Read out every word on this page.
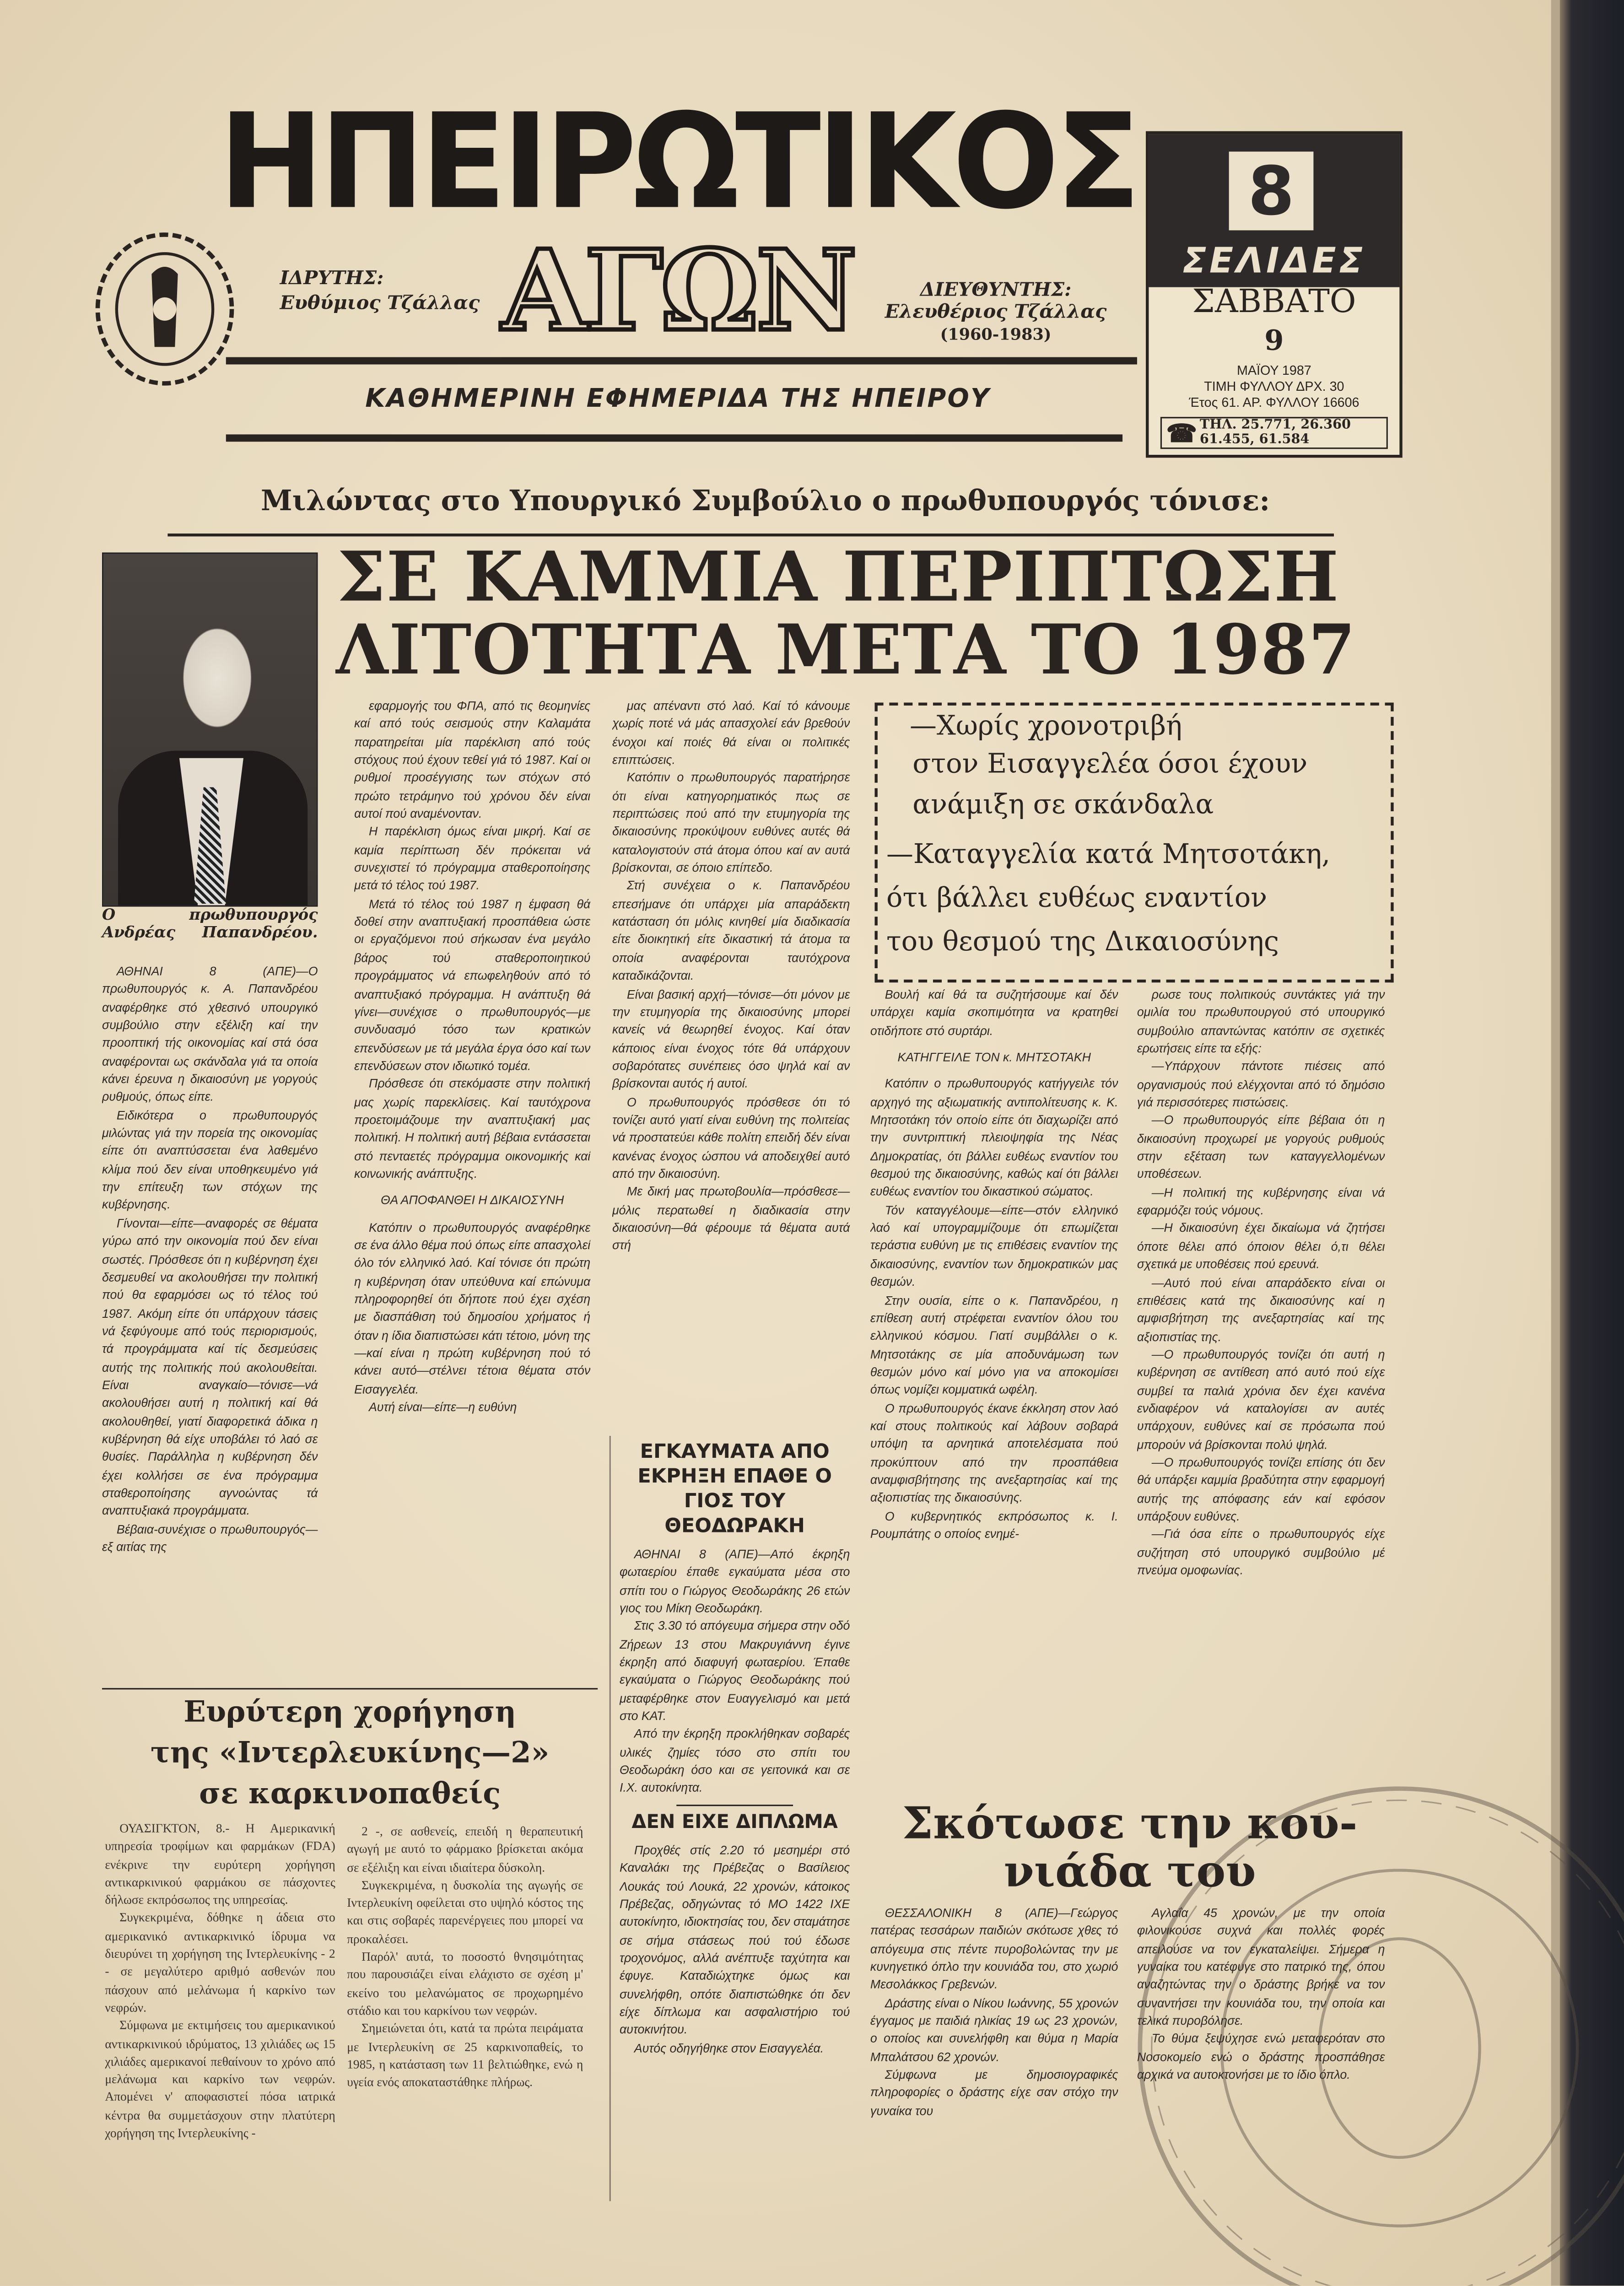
ΗΠΕΙΡΩΤΙΚΟΣ
ΑΓΩΝ
ΙΔΡΥΤΗΣ:
Ευθύμιος Τζάλλας
ΔΙΕΥΘΥΝΤΗΣ:
Ελευθέριος Τζάλλας
(1960-1983)
ΚΑΘΗΜΕΡΙΝΗ ΕΦΗΜΕΡΙΔΑ ΤΗΣ ΗΠΕΙΡΟΥ
8
ΣΕΛΙΔΕΣ
ΣΑΒΒΑΤΟ
9
ΜΑΪΟΥ 1987
ΤΙΜΗ ΦΥΛΛΟΥ ΔΡΧ. 30
Έτος 61. ΑΡ. ΦΥΛΛΟΥ 16606
☎ ΤΗΛ. 25.771, 26.360
61.455, 61.584
Μιλώντας στο Υπουργικό Συμβούλιο ο πρωθυπουργός τόνισε:
ΣΕ ΚΑΜΜΙΑ ΠΕΡΙΠΤΩΣΗ
ΛΙΤΟΤΗΤΑ ΜΕΤΑ ΤΟ 1987
Ο πρωθυπουργός Ανδρέας Παπανδρέου.

ΑΘΗΝΑΙ 8 (ΑΠΕ)—Ο πρωθυπουργός κ. Α. Παπανδρέου αναφέρθηκε στό χθεσινό υπουργικό συμβούλιο στην εξέλιξη καί την προοπτική τής οικονομίας καί στά όσα αναφέρονται ως σκάνδαλα γιά τα οποία κάνει έρευνα η δικαιοσύνη με γοργούς ρυθμούς, όπως είπε.

Ειδικότερα ο πρωθυπουργός μιλώντας γιά την πορεία της οικονομίας είπε ότι αναπτύσσεται ένα λαθεμένο κλίμα πού δεν είναι υποθηκευμένο γιά την επίτευξη των στόχων της κυβέρνησης.

Γίνονται—είπε—αναφορές σε θέματα γύρω από την οικονομία πού δεν είναι σωστές. Πρόσθεσε ότι η κυβέρνηση έχει δεσμευθεί να ακολουθήσει την πολιτική πού θα εφαρμόσει ως τό τέλος τού 1987. Ακόμη είπε ότι υπάρχουν τάσεις νά ξεφύγουμε από τούς περιορισμούς, τά προγράμματα καί τίς δεσμεύσεις αυτής της πολιτικής πού ακολουθείται. Είναι αναγκαίο—τόνισε—νά ακολουθήσει αυτή η πολιτική καί θά ακολουθηθεί, γιατί διαφορετικά άδικα η κυβέρνηση θά είχε υποβάλει τό λαό σε θυσίες. Παράλληλα η κυβέρνηση δέν έχει κολλήσει σε ένα πρόγραμμα σταθεροποίησης αγνοώντας τά αναπτυξιακά προγράμματα.

Βέβαια-συνέχισε ο πρωθυπουργός—εξ αιτίας της

εφαρμογής του ΦΠΑ, από τις θεομηνίες καί από τούς σεισμούς στην Καλαμάτα παρατηρείται μία παρέκλιση από τούς στόχους πού έχουν τεθεί γιά τό 1987. Καί οι ρυθμοί προσέγγισης των στόχων στό πρώτο τετράμηνο τού χρόνου δέν είναι αυτοί πού αναμένονταν.

Η παρέκλιση όμως είναι μικρή. Καί σε καμία περίπτωση δέν πρόκειται νά συνεχιστεί τό πρόγραμμα σταθεροποίησης μετά τό τέλος τού 1987.

Μετά τό τέλος τού 1987 η έμφαση θά δοθεί στην αναπτυξιακή προσπάθεια ώστε οι εργαζόμενοι πού σήκωσαν ένα μεγάλο βάρος τού σταθεροποιητικού προγράμματος νά επωφεληθούν από τό αναπτυξιακό πρόγραμμα. Η ανάπτυξη θά γίνει—συνέχισε ο πρωθυπουργός—με συνδυασμό τόσο των κρατικών επενδύσεων με τά μεγάλα έργα όσο καί των επενδύσεων στον ιδιωτικό τομέα.

Πρόσθεσε ότι στεκόμαστε στην πολιτική μας χωρίς παρεκλίσεις. Καί ταυτόχρονα προετοιμάζουμε την αναπτυξιακή μας πολιτική. Η πολιτική αυτή βέβαια εντάσσεται στό πενταετές πρόγραμμα οικονομικής καί κοινωνικής ανάπτυξης.

ΘΑ ΑΠΟΦΑΝΘΕΙ Η ΔΙΚΑΙΟΣΥΝΗ

Κατόπιν ο πρωθυπουργός αναφέρθηκε σε ένα άλλο θέμα πού όπως είπε απασχολεί όλο τόν ελληνικό λαό. Καί τόνισε ότι πρώτη η κυβέρνηση όταν υπεύθυνα καί επώνυμα πληροφορηθεί ότι δήποτε πού έχει σχέση με διασπάθιση τού δημοσίου χρήματος ή όταν η ίδια διαπιστώσει κάτι τέτοιο, μόνη της—καί είναι η πρώτη κυβέρνηση πού τό κάνει αυτό—στέλνει τέτοια θέματα στόν Εισαγγελέα.

Αυτή είναι—είπε—η ευθύνη

μας απέναντι στό λαό. Καί τό κάνουμε χωρίς ποτέ νά μάς απασχολεί εάν βρεθούν ένοχοι καί ποιές θά είναι οι πολιτικές επιπτώσεις.

Κατόπιν ο πρωθυπουργός παρατήρησε ότι είναι κατηγορηματικός πως σε περιπτώσεις πού από την ετυμηγορία της δικαιοσύνης προκύψουν ευθύνες αυτές θά καταλογιστούν στά άτομα όπου καί αν αυτά βρίσκονται, σε όποιο επίπεδο.

Στή συνέχεια ο κ. Παπανδρέου επεσήμανε ότι υπάρχει μία απαράδεκτη κατάσταση ότι μόλις κινηθεί μία διαδικασία είτε διοικητική είτε δικαστική τά άτομα τα οποία αναφέρονται ταυτόχρονα καταδικάζονται.

Είναι βασική αρχή—τόνισε—ότι μόνον με την ετυμηγορία της δικαιοσύνης μπορεί κανείς νά θεωρηθεί ένοχος. Καί όταν κάποιος είναι ένοχος τότε θά υπάρχουν σοβαρότατες συνέπειες όσο ψηλά καί αν βρίσκονται αυτός ή αυτοί.

Ο πρωθυπουργός πρόσθεσε ότι τό τονίζει αυτό γιατί είναι ευθύνη της πολιτείας νά προστατεύει κάθε πολίτη επειδή δέν είναι κανένας ένοχος ώσπου νά αποδειχθεί αυτό από την δικαιοσύνη.

Με δική μας πρωτοβουλία—πρόσθεσε—μόλις περατωθεί η διαδικασία στην δικαιοσύνη—θά φέρουμε τά θέματα αυτά στή

—Χωρίς χρονοτριβή
στον Εισαγγελέα όσοι έχουν
ανάμιξη σε σκάνδαλα
—Καταγγελία κατά Μητσοτάκη,
ότι βάλλει ευθέως εναντίον
του θεσμού της Δικαιοσύνης

Βουλή καί θά τα συζητήσουμε καί δέν υπάρχει καμία σκοπιμότητα να κρατηθεί οτιδήποτε στό συρτάρι.

ΚΑΤΗΓΓΕΙΛΕ ΤΟΝ κ. ΜΗΤΣΟΤΑΚΗ

Κατόπιν ο πρωθυπουργός κατήγγειλε τόν αρχηγό της αξιωματικής αντιπολίτευσης κ. Κ. Μητσοτάκη τόν οποίο είπε ότι διαχωρίζει από την συντριπτική πλειοψηφία της Νέας Δημοκρατίας, ότι βάλλει ευθέως εναντίον του θεσμού της δικαιοσύνης, καθώς καί ότι βάλλει ευθέως εναντίον του δικαστικού σώματος.

Τόν καταγγέλουμε—είπε—στόν ελληνικό λαό καί υπογραμμίζουμε ότι επωμίζεται τεράστια ευθύνη με τις επιθέσεις εναντίον της δικαιοσύνης, εναντίον των δημοκρατικών μας θεσμών.

Στην ουσία, είπε ο κ. Παπανδρέου, η επίθεση αυτή στρέφεται εναντίον όλου του ελληνικού κόσμου. Γιατί συμβάλλει ο κ. Μητσοτάκης σε μία αποδυνάμωση των θεσμών μόνο καί μόνο για να αποκομίσει όπως νομίζει κομματικά ωφέλη.

Ο πρωθυπουργός έκανε έκκληση στον λαό καί στους πολιτικούς καί λάβουν σοβαρά υπόψη τα αρνητικά αποτελέσματα πού προκύπτουν από την προσπάθεια αναμφισβήτησης της ανεξαρτησίας καί της αξιοπιστίας της δικαιοσύνης.

Ο κυβερνητικός εκπρόσωπος κ. Ι. Ρουμπάτης ο οποίος ενημέ-

ρωσε τους πολιτικούς συντάκτες γιά την ομιλία του πρωθυπουργού στό υπουργικό συμβούλιο απαντώντας κατόπιν σε σχετικές ερωτήσεις είπε τα εξής:

—Υπάρχουν πάντοτε πιέσεις από οργανισμούς πού ελέγχονται από τό δημόσιο γιά περισσότερες πιστώσεις.

—Ο πρωθυπουργός είπε βέβαια ότι η δικαιοσύνη προχωρεί με γοργούς ρυθμούς στην εξέταση των καταγγελλομένων υποθέσεων.

—Η πολιτική της κυβέρνησης είναι νά εφαρμόζει τούς νόμους.

—Η δικαιοσύνη έχει δικαίωμα νά ζητήσει όποτε θέλει από όποιον θέλει ό,τι θέλει σχετικά με υποθέσεις πού ερευνά.

—Αυτό πού είναι απαράδεκτο είναι οι επιθέσεις κατά της δικαιοσύνης καί η αμφισβήτηση της ανεξαρτησίας καί της αξιοπιστίας της.

—Ο πρωθυπουργός τονίζει ότι αυτή η κυβέρνηση σε αντίθεση από αυτό πού είχε συμβεί τα παλιά χρόνια δεν έχει κανένα ενδιαφέρον νά καταλογίσει αν αυτές υπάρχουν, ευθύνες καί σε πρόσωπα πού μπορούν νά βρίσκονται πολύ ψηλά.

—Ο πρωθυπουργός τονίζει επίσης ότι δεν θά υπάρξει καμμία βραδύτητα στην εφαρμογή αυτής της απόφασης εάν καί εφόσον υπάρξουν ευθύνες.

—Γιά όσα είπε ο πρωθυπουργός είχε συζήτηση στό υπουργικό συμβούλιο μέ πνεύμα ομοφωνίας.

ΕΓΚΑΥΜΑΤΑ ΑΠΟ ΕΚΡΗΞΗ ΕΠΑΘΕ Ο ΓΙΟΣ ΤΟΥ ΘΕΟΔΩΡΑΚΗ

ΑΘΗΝΑΙ 8 (ΑΠΕ)—Από έκρηξη φωταερίου έπαθε εγκαύματα μέσα στο σπίτι του ο Γιώργος Θεοδωράκης 26 ετών γιος του Μίκη Θεοδωράκη.

Στις 3.30 τό απόγευμα σήμερα στην οδό Ζήρεων 13 στου Μακρυγιάννη έγινε έκρηξη από διαφυγή φωταερίου. Έπαθε εγκαύματα ο Γιώργος Θεοδωράκης πού μεταφέρθηκε στον Ευαγγελισμό και μετά στο ΚΑΤ.

Από την έκρηξη προκλήθηκαν σοβαρές υλικές ζημίες τόσο στο σπίτι του Θεοδωράκη όσο και σε γειτονικά και σε Ι.Χ. αυτοκίνητα.

ΔΕΝ ΕΙΧΕ ΔΙΠΛΩΜΑ

Προχθές στίς 2.20 τό μεσημέρι στό Καναλάκι της Πρέβεζας ο Βασίλειος Λουκάς τού Λουκά, 22 χρονών, κάτοικος Πρέβεζας, οδηγώντας τό ΜΟ 1422 ΙΧΕ αυτοκίνητο, ιδιοκτησίας του, δεν σταμάτησε σε σήμα στάσεως πού τού έδωσε τροχονόμος, αλλά ανέπτυξε ταχύτητα και έφυγε. Καταδιώχτηκε όμως και συνελήφθη, οπότε διαπιστώθηκε ότι δεν είχε δίπλωμα και ασφαλιστήριο τού αυτοκινήτου.

Αυτός οδηγήθηκε στον Εισαγγελέα.

Ευρύτερη χορήγηση
της «Ιντερλευκίνης—2»
σε καρκινοπαθείς

ΟΥΑΣΙΓΚΤΟΝ, 8.- Η Αμερικανική υπηρεσία τροφίμων και φαρμάκων (FDA) ενέκρινε την ευρύτερη χορήγηση αντικαρκινικού φαρμάκου σε πάσχοντες δήλωσε εκπρόσωπος της υπηρεσίας.

Συγκεκριμένα, δόθηκε η άδεια στο αμερικανικό αντικαρκινικό ίδρυμα να διευρύνει τη χορήγηση της Ιντερλευκίνης - 2 - σε μεγαλύτερο αριθμό ασθενών που πάσχουν από μελάνωμα ή καρκίνο των νεφρών.

Σύμφωνα με εκτιμήσεις του αμερικανικού αντικαρκινικού ιδρύματος, 13 χιλιάδες ως 15 χιλιάδες αμερικανοί πεθαίνουν το χρόνο από μελάνωμα και καρκίνο των νεφρών. Απομένει ν' αποφασιστεί πόσα ιατρικά κέντρα θα συμμετάσχουν στην πλατύτερη χορήγηση της Ιντερλευκίνης -

2 -, σε ασθενείς, επειδή η θεραπευτική αγωγή με αυτό το φάρμακο βρίσκεται ακόμα σε εξέλιξη και είναι ιδιαίτερα δύσκολη.

Συγκεκριμένα, η δυσκολία της αγωγής σε Ιντερλευκίνη οφείλεται στο υψηλό κόστος της και στις σοβαρές παρενέργειες που μπορεί να προκαλέσει.

Παρόλ' αυτά, το ποσοστό θνησιμότητας που παρουσιάζει είναι ελάχιστο σε σχέση μ' εκείνο του μελανώματος σε προχωρημένο στάδιο και του καρκίνου των νεφρών.

Σημειώνεται ότι, κατά τα πρώτα πειράματα με Ιντερλευκίνη σε 25 καρκινοπαθείς, το 1985, η κατάσταση των 11 βελτιώθηκε, ενώ η υγεία ενός αποκαταστάθηκε πλήρως.

Σκότωσε την κου-
νιάδα του

ΘΕΣΣΑΛΟΝΙΚΗ 8 (ΑΠΕ)—Γεώργος πατέρας τεσσάρων παιδιών σκότωσε χθες τό απόγευμα στις πέντε πυροβολώντας την με κυνηγετικό όπλο την κουνιάδα του, στο χωριό Μεσολάκκος Γρεβενών.

Δράστης είναι ο Νίκου Ιωάννης, 55 χρονών έγγαμος με παιδιά ηλικίας 19 ως 23 χρονών, ο οποίος και συνελήφθη και θύμα η Μαρία Μπαλάτσου 62 χρονών.

Σύμφωνα με δημοσιογραφικές πληροφορίες ο δράστης είχε σαν στόχο την γυναίκα του

Αγλαΐα 45 χρονών, με την οποία φιλονικούσε συχνά και πολλές φορές απειλούσε να τον εγκαταλείψει. Σήμερα η γυναίκα του κατέφυγε στο πατρικό της, όπου αναζητώντας την ο δράστης βρήκε να τον συναντήσει την κουνιάδα του, την οποία και τελικά πυροβόλησε.

Το θύμα ξεψύχησε ενώ μεταφερόταν στο Νοσοκομείο ενώ ο δράστης προσπάθησε αρχικά να αυτοκτονήσει με το ίδιο όπλο.
